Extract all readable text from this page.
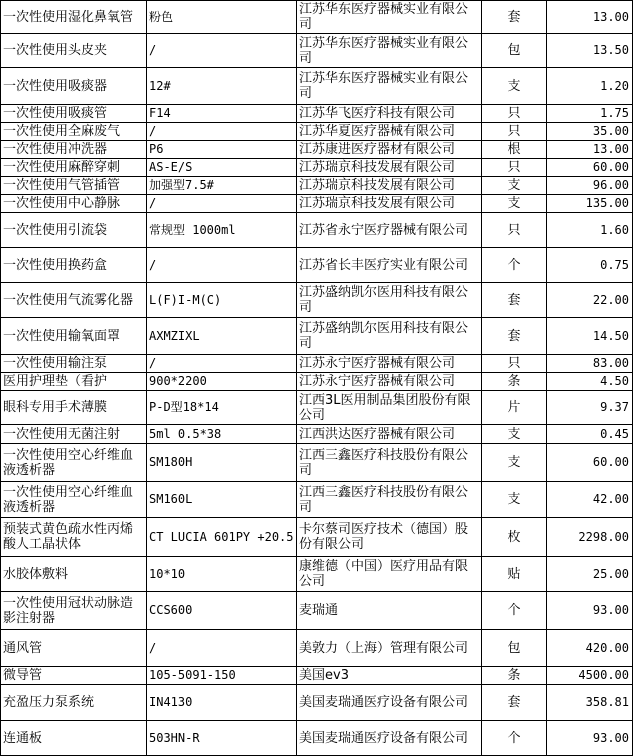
一次性使用湿化鼻氧管	粉色	江苏华东医疗器械实业有限公司	套	13.00
一次性使用头皮夹	/	江苏华东医疗器械实业有限公司	包	13.50
一次性使用吸痰器	12#	江苏华东医疗器械实业有限公司	支	1.20
一次性使用吸痰管	F14	江苏华飞医疗科技有限公司	只	1.75
一次性使用全麻废气	/	江苏华夏医疗器械有限公司	只	35.00
一次性使用冲洗器	P6	江苏康进医疗器材有限公司	根	13.00
一次性使用麻醉穿刺	AS-E/S	江苏瑞京科技发展有限公司	只	60.00
一次性使用气管插管	加强型7.5#	江苏瑞京科技发展有限公司	支	96.00
一次性使用中心静脉	/	江苏瑞京科技发展有限公司	支	135.00
一次性使用引流袋	常规型 1000ml	江苏省永宁医疗器械有限公司	只	1.60
一次性使用换药盒	/	江苏省长丰医疗实业有限公司	个	0.75
一次性使用气流雾化器	L(F)I-M(C)	江苏盛纳凯尔医用科技有限公司	套	22.00
一次性使用输氧面罩	AXMZIXL	江苏盛纳凯尔医用科技有限公司	套	14.50
一次性使用输注泵	/	江苏永宁医疗器械有限公司	只	83.00
医用护理垫（看护	900*2200	江苏永宁医疗器械有限公司	条	4.50
眼科专用手术薄膜	P-D型18*14	江西3L医用制品集团股份有限公司	片	9.37
一次性使用无菌注射	5ml 0.5*38	江西洪达医疗器械有限公司	支	0.45
一次性使用空心纤维血液透析器	SM180H	江西三鑫医疗科技股份有限公司	支	60.00
一次性使用空心纤维血液透析器	SM160L	江西三鑫医疗科技股份有限公司	支	42.00
预装式黄色疏水性丙烯酸人工晶状体	CT LUCIA 601PY +20.5	卡尔蔡司医疗技术（德国）股份有限公司	枚	2298.00
水胶体敷料	10*10	康维德（中国）医疗用品有限公司	贴	25.00
一次性使用冠状动脉造影注射器	CCS600	麦瑞通	个	93.00
通风管	/	美敦力（上海）管理有限公司	包	420.00
微导管	105-5091-150	美国ev3	条	4500.00
充盈压力泵系统	IN4130	美国麦瑞通医疗设备有限公司	套	358.81
连通板	503HN-R	美国麦瑞通医疗设备有限公司	个	93.00
